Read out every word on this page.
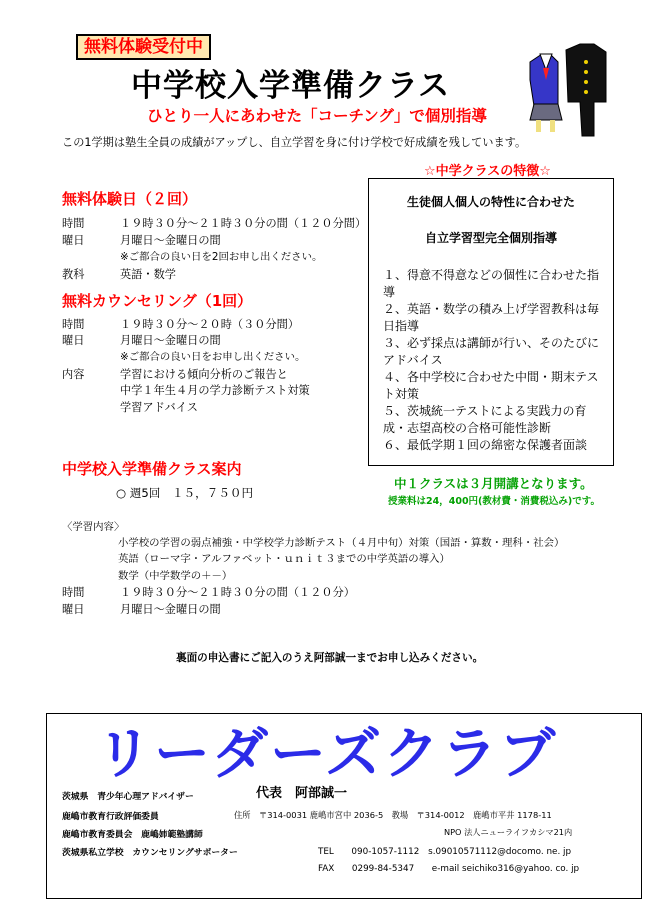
無料体験受付中
中学校入学準備クラス
ひとり一人にあわせた「コーチング」で個別指導
この1学期は塾生全員の成績がアップし、自立学習を身に付け学校で好成績を残しています。
無料体験日（２回）
時間	１９時３０分～２１時３０分の間（１２０分間）
曜日	月曜日～金曜日の間
※ご都合の良い日を2回お申し出ください。
教科	英語・数学
無料カウンセリング（1回）
時間	１９時３０分～２０時（３０分間）
曜日	月曜日～金曜日の間
※ご都合の良い日をお申し出ください。
内容	学習における傾向分析のご報告と
中学１年生４月の学力診断テスト対策
学習アドバイス
☆中学クラスの特徴☆
生徒個人個人の特性に合わせた
自立学習型完全個別指導
１、得意不得意などの個性に合わせた指導
２、英語・数学の積み上げ学習教科は毎日指導
３、必ず採点は講師が行い、そのたびにアドバイス
４、各中学校に合わせた中間・期末テスト対策
５、茨城統一テストによる実践力の育成・志望高校の合格可能性診断
６、最低学期１回の綿密な保護者面談
中学校入学準備クラス案内
○ 週5回　１５，７５０円
中１クラスは３月開講となります。
授業料は24，400円(教材費・消費税込み)です。
〈学習内容〉
小学校の学習の弱点補強・中学校学力診断テスト（４月中旬）対策（国語・算数・理科・社会）
英語（ローマ字・アルファベット・ｕｎｉｔ３までの中学英語の導入）
数学（中学数学の＋－）
時間	１９時３０分～２１時３０分の間（１２０分）
曜日	月曜日～金曜日の間
裏面の申込書にご記入のうえ阿部誠一までお申し込みください。
リーダーズクラブ
茨城県　青少年心理アドバイザー
鹿嶋市教育行政評価委員
鹿嶋市教育委員会　鹿嶋姉範塾講師
茨城県私立学校　カウンセリングサポーター
代表　阿部誠一
住所　〒314-0031 鹿嶋市宮中 2036-5　教場　〒314-0012　鹿嶋市平井 1178-11
NPO 法人ニューライフカシマ21内
TEL　　090-1057-1112　s.09010571112@docomo. ne. jp
FAX　　0299-84-5347　　e-mail seichiko316@yahoo. co. jp
